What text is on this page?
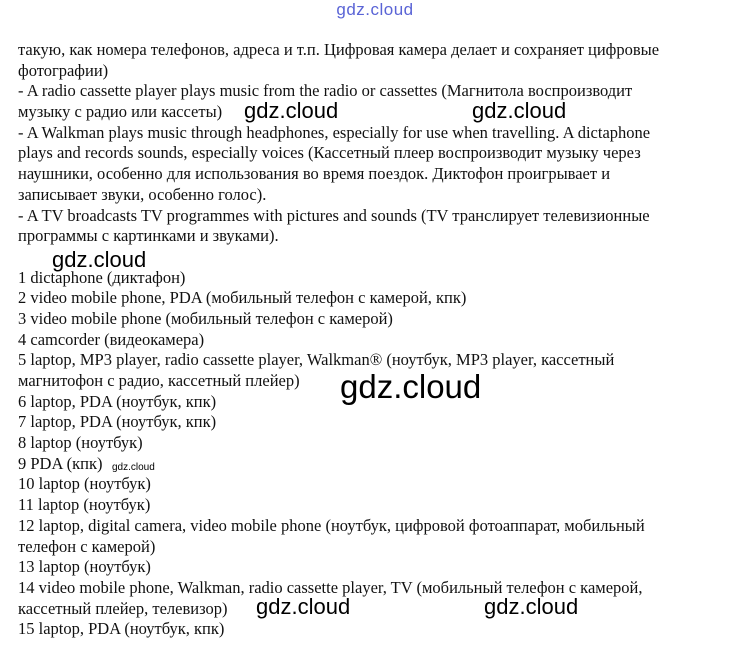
gdz.cloud
такую, как номера телефонов, адреса и т.п. Цифровая камера делает и сохраняет цифровые
фотографии)
- A radio cassette player plays music from the radio or cassettes (Магнитола воспроизводит
музыку с радио или кассеты)
- A Walkman plays music through headphones, especially for use when travelling. A dictaphone
plays and records sounds, especially voices (Кассетный плеер воспроизводит музыку через
наушники, особенно для использования во время поездок. Диктофон проигрывает и
записывает звуки, особенно голос).
- A TV broadcasts TV programmes with pictures and sounds (TV транслирует телевизионные
программы с картинками и звуками).
1 dictaphone (диктафон)
2 video mobile phone, PDA (мобильный телефон с камерой, кпк)
3 video mobile phone (мобильный телефон с камерой)
4 camcorder (видеокамера)
5 laptop, MP3 player, radio cassette player, Walkman® (ноутбук, MP3 player, кассетный
магнитофон с радио, кассетный плейер)
6 laptop, PDA (ноутбук, кпк)
7 laptop, PDA (ноутбук, кпк)
8 laptop (ноутбук)
9 PDA (кпк)
10 laptop (ноутбук)
11 laptop (ноутбук)
12 laptop, digital camera, video mobile phone (ноутбук, цифровой фотоаппарат, мобильный
телефон с камерой)
13 laptop (ноутбук)
14 video mobile phone, Walkman, radio cassette player, TV (мобильный телефон с камерой,
кассетный плейер, телевизор)
15 laptop, PDA (ноутбук, кпк)
gdz.cloud	gdz.cloud
gdz.cloud
gdz.cloud
gdz.cloud
gdz.cloud	gdz.cloud
